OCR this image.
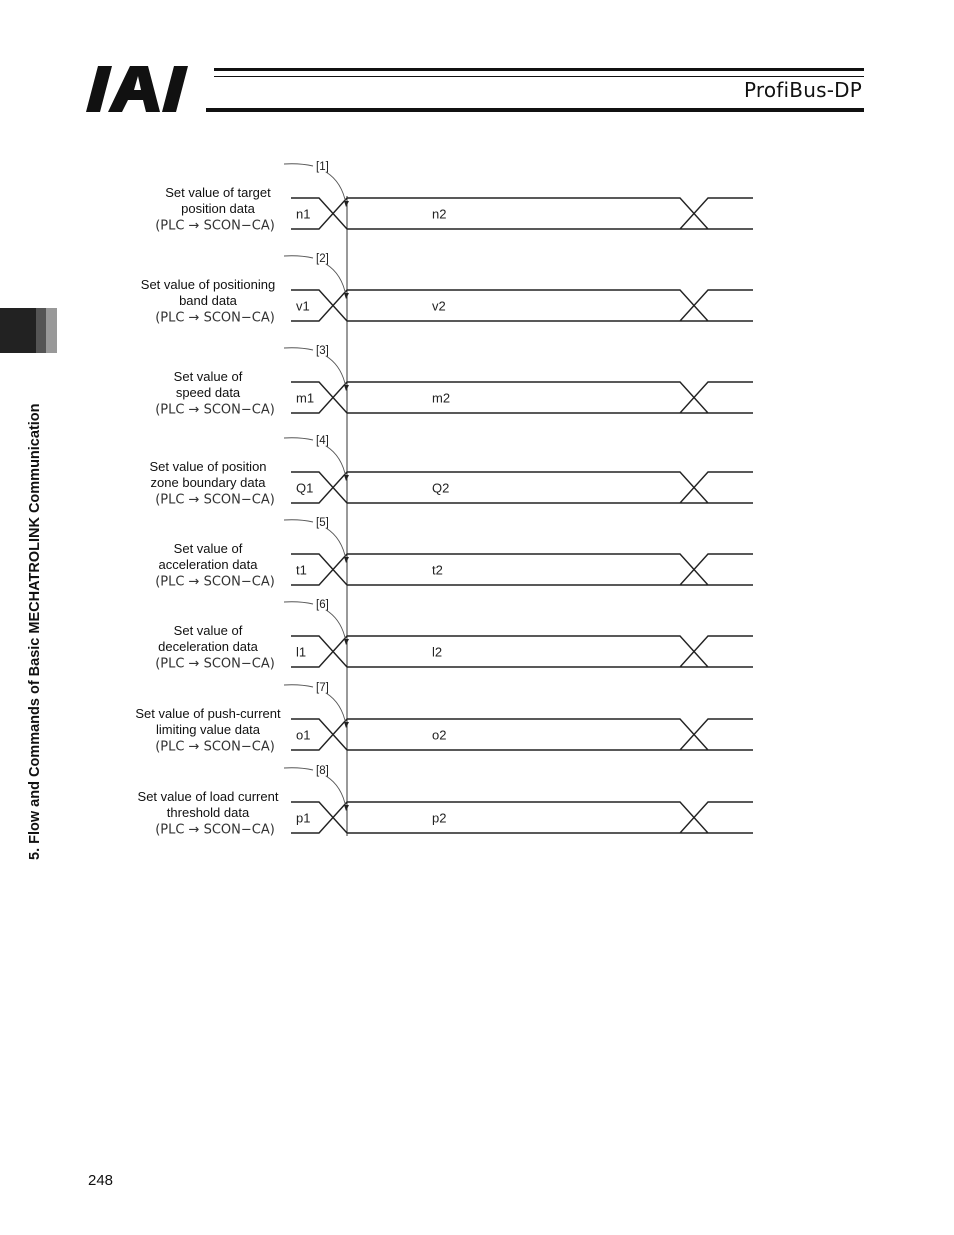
IAI
ProfiBus-DP
5. Flow and Commands of Basic MECHATROLINK Communication
n1	n2
[1]
Set value of target
position data
(PLC → SCON−CA)
v1	v2
[2]
Set value of positioning
band data
(PLC → SCON−CA)
m1	m2
[3]
Set value of
speed data
(PLC → SCON−CA)
Q1	Q2
[4]
Set value of position
zone boundary data
(PLC → SCON−CA)
t1	t2
[5]
Set value of
acceleration data
(PLC → SCON−CA)
l1	l2
[6]
Set value of
deceleration data
(PLC → SCON−CA)
o1	o2
[7]
Set value of push-current
limiting value data
(PLC → SCON−CA)
p1	p2
[8]
Set value of load current
threshold data
(PLC → SCON−CA)
248
